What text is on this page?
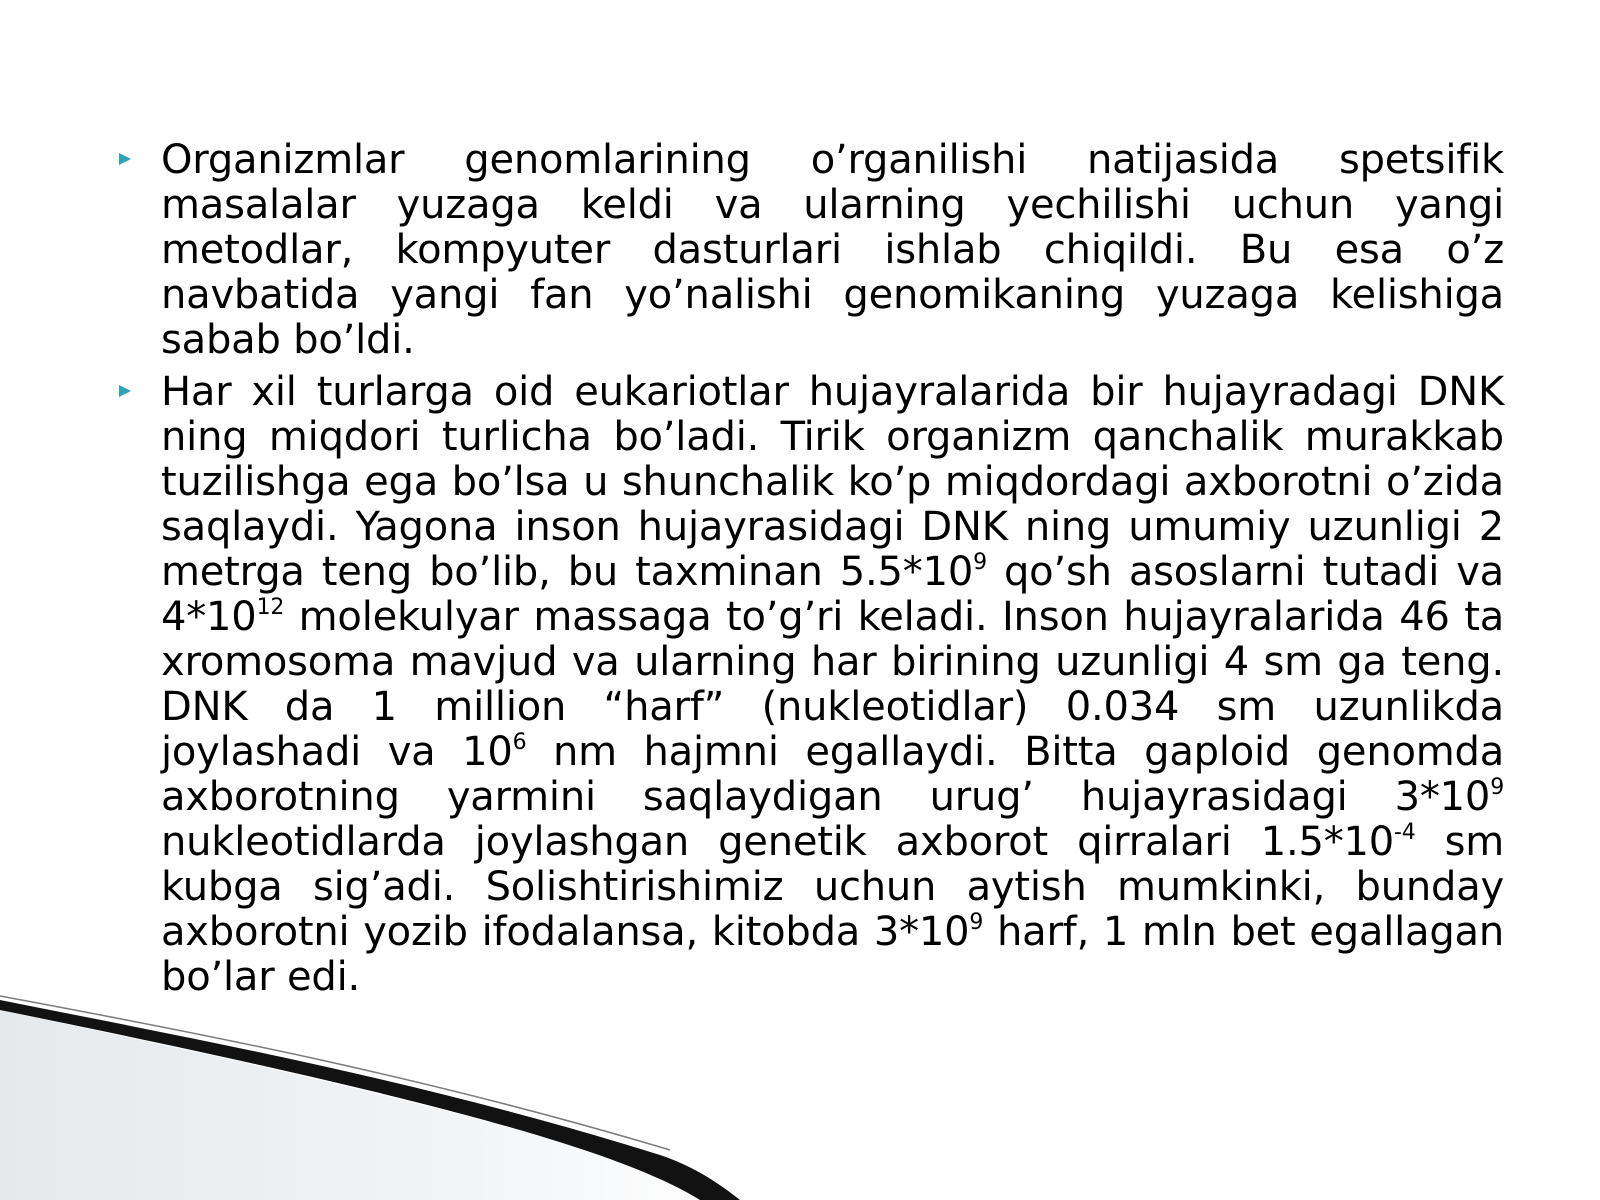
Organizmlar genomlarining o’rganilishi natijasida spetsifik masalalar yuzaga keldi va ularning yechilishi uchun yangi metodlar, kompyuter dasturlari ishlab chiqildi. Bu esa o’z navbatida yangi fan yo’nalishi genomikaning yuzaga kelishiga sabab bo’ldi.
Har xil turlarga oid eukariotlar hujayralarida bir hujayradagi DNK ning miqdori turlicha bo’ladi. Tirik organizm qanchalik murakkab tuzilishga ega bo’lsa u shunchalik ko’p miqdordagi axborotni o’zida saqlaydi. Yagona inson hujayrasidagi DNK ning umumiy uzunligi 2 metrga teng bo’lib, bu taxminan $5.5*10^9$ qo’sh asoslarni tutadi va $4*10^{12}$ molekulyar massaga to’g’ri keladi. Inson hujayralarida 46 ta xromosoma mavjud va ularning har birining uzunligi 4 sm ga teng. DNK da 1 million “harf” (nukleotidlar) 0.034 sm uzunlikda joylashadi va $10^6$ nm hajmni egallaydi. Bitta gaploid genomda axborotning yarmini saqlaydigan urug’ hujayrasidagi $3*10^9$ nukleotidlarda joylashgan genetik axborot qirralari $1.5*10^{-4}$ sm kubga sig’adi. Solishtirishimiz uchun aytish mumkinki, bunday axborotni yozib ifodalansa, kitobda $3*10^9$ harf, 1 mln bet egallagan bo’lar edi.
